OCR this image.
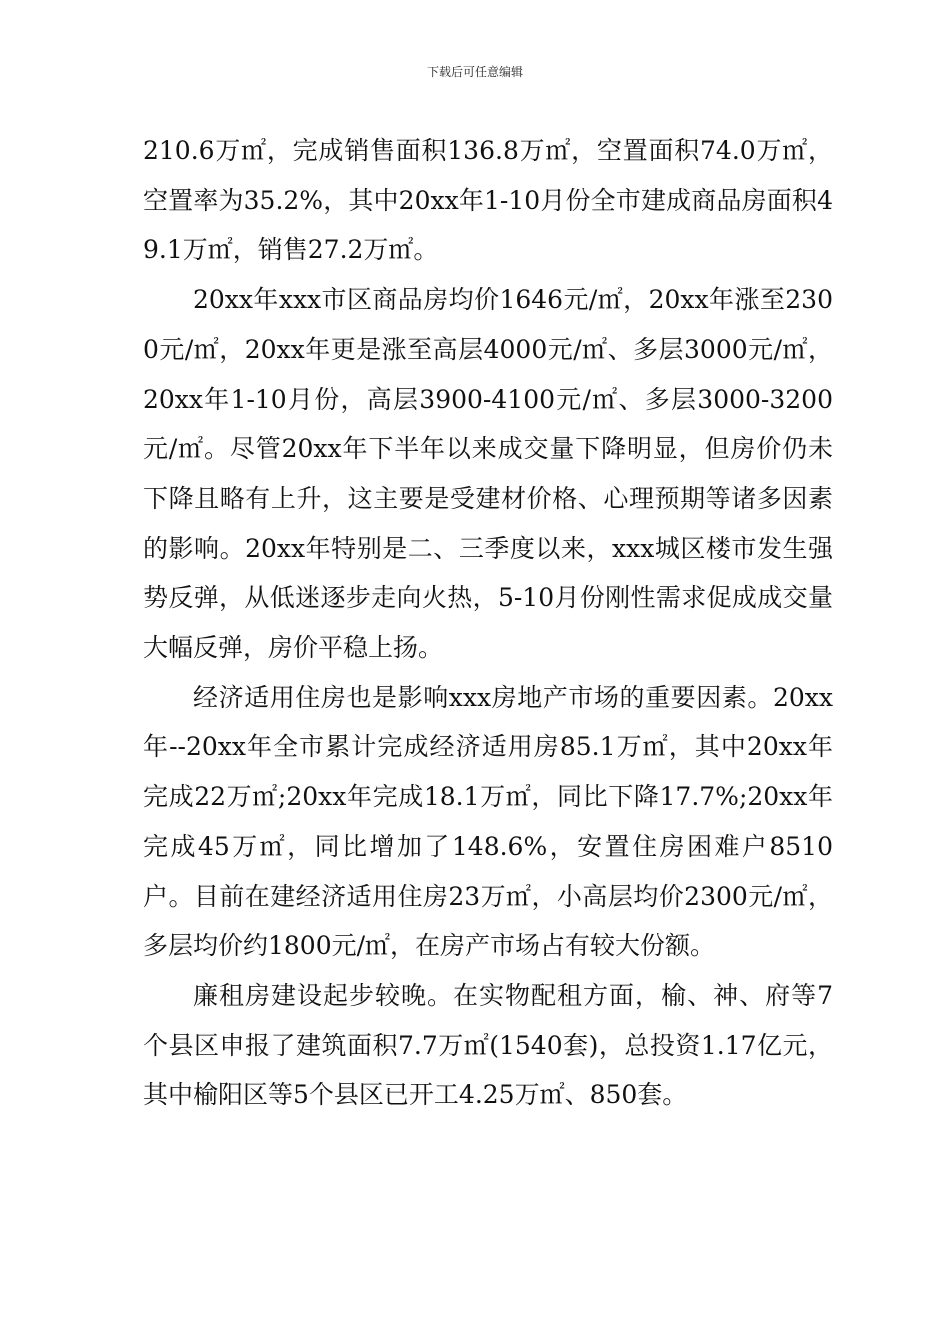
下载后可任意编辑

210.6万㎡，完成销售面积136.8万㎡，空置面积74.0万㎡，空置率为35.2%，其中20xx年1-10月份全市建成商品房面积49.1万㎡，销售27.2万㎡。

20xx年xxx市区商品房均价1646元/㎡，20xx年涨至2300元/㎡，20xx年更是涨至高层4000元/㎡、多层3000元/㎡，20xx年1-10月份，高层3900-4100元/㎡、多层3000-3200元/㎡。尽管20xx年下半年以来成交量下降明显，但房价仍未下降且略有上升，这主要是受建材价格、心理预期等诸多因素的影响。20xx年特别是二、三季度以来，xxx城区楼市发生强势反弹，从低迷逐步走向火热，5-10月份刚性需求促成成交量大幅反弹，房价平稳上扬。

经济适用住房也是影响xxx房地产市场的重要因素。20xx年--20xx年全市累计完成经济适用房85.1万㎡，其中20xx年完成22万㎡;20xx年完成18.1万㎡，同比下降17.7%;20xx年完成45万㎡，同比增加了148.6%，安置住房困难户8510户。目前在建经济适用住房23万㎡，小高层均价2300元/㎡，多层均价约1800元/㎡，在房产市场占有较大份额。

廉租房建设起步较晚。在实物配租方面，榆、神、府等7个县区申报了建筑面积7.7万㎡(1540套)，总投资1.17亿元，其中榆阳区等5个县区已开工4.25万㎡、850套。
